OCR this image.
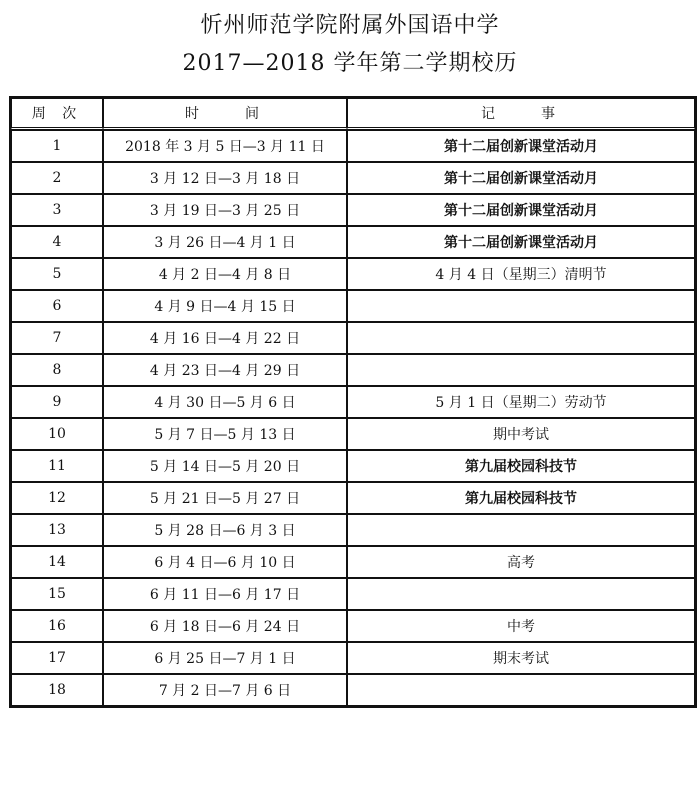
忻州师范学院附属外国语中学
2017—2018 学年第二学期校历
周 次	时　　间	记　　事
1	2018 年 3 月 5 日—3 月 11 日	第十二届创新课堂活动月
2	3 月 12 日—3 月 18 日	第十二届创新课堂活动月
3	3 月 19 日—3 月 25 日	第十二届创新课堂活动月
4	3 月 26 日—4 月 1 日	第十二届创新课堂活动月
5	4 月 2 日—4 月 8 日	4 月 4 日（星期三）清明节
6	4 月 9 日—4 月 15 日	
7	4 月 16 日—4 月 22 日	
8	4 月 23 日—4 月 29 日	
9	4 月 30 日—5 月 6 日	5 月 1 日（星期二）劳动节
10	5 月 7 日—5 月 13 日	期中考试
11	5 月 14 日—5 月 20 日	第九届校园科技节
12	5 月 21 日—5 月 27 日	第九届校园科技节
13	5 月 28 日—6 月 3 日	
14	6 月 4 日—6 月 10 日	高考
15	6 月 11 日—6 月 17 日	
16	6 月 18 日—6 月 24 日	中考
17	6 月 25 日—7 月 1 日	期末考试
18	7 月 2 日—7 月 6 日	
